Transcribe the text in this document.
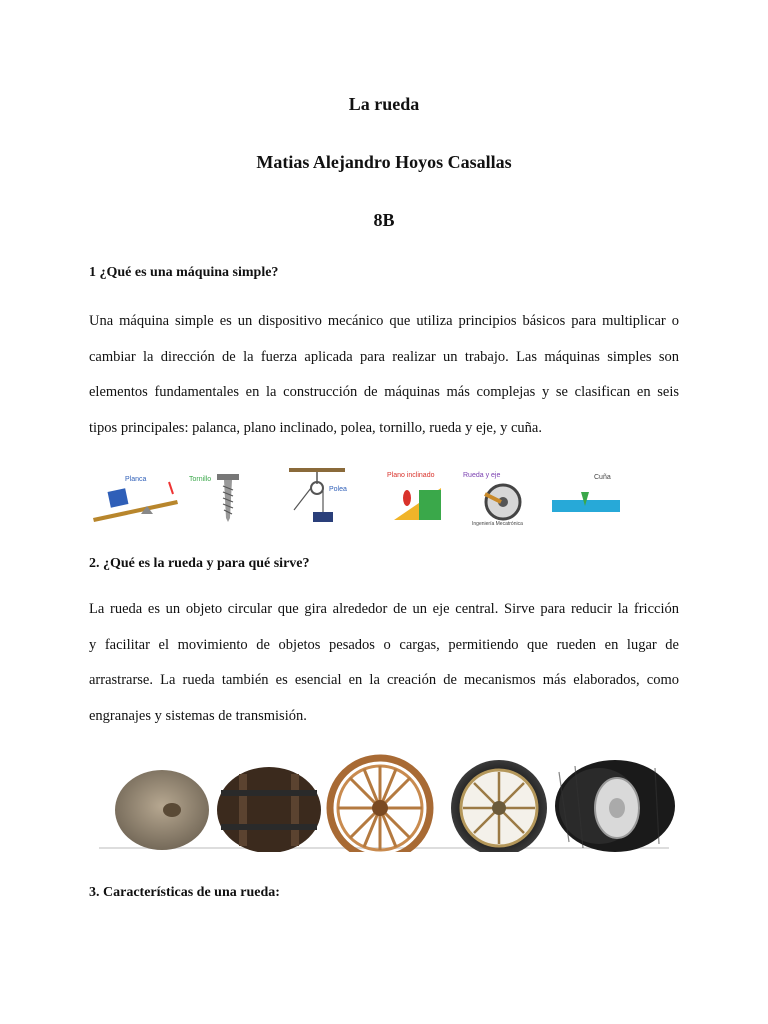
La rueda
Matias Alejandro Hoyos Casallas
8B
1 ¿Qué es una máquina simple?
Una máquina simple es un dispositivo mecánico que utiliza principios básicos para multiplicar o
cambiar la dirección de la fuerza aplicada para realizar un trabajo. Las máquinas simples son
elementos fundamentales en la construcción de máquinas más complejas y se clasifican en seis
tipos principales: palanca, plano inclinado, polea, tornillo, rueda y eje, y cuña.
Planca	Tornillo
Polea
Plano inclinado	Rueda y eje
Ingeniería Mecatrónica
Cuña
2. ¿Qué es la rueda y para qué sirve?
La rueda es un objeto circular que gira alrededor de un eje central. Sirve para reducir la fricción
y facilitar el movimiento de objetos pesados o cargas, permitiendo que rueden en lugar de
arrastrarse. La rueda también es esencial en la creación de mecanismos más elaborados, como
engranajes y sistemas de transmisión.
3. Características de una rueda:
